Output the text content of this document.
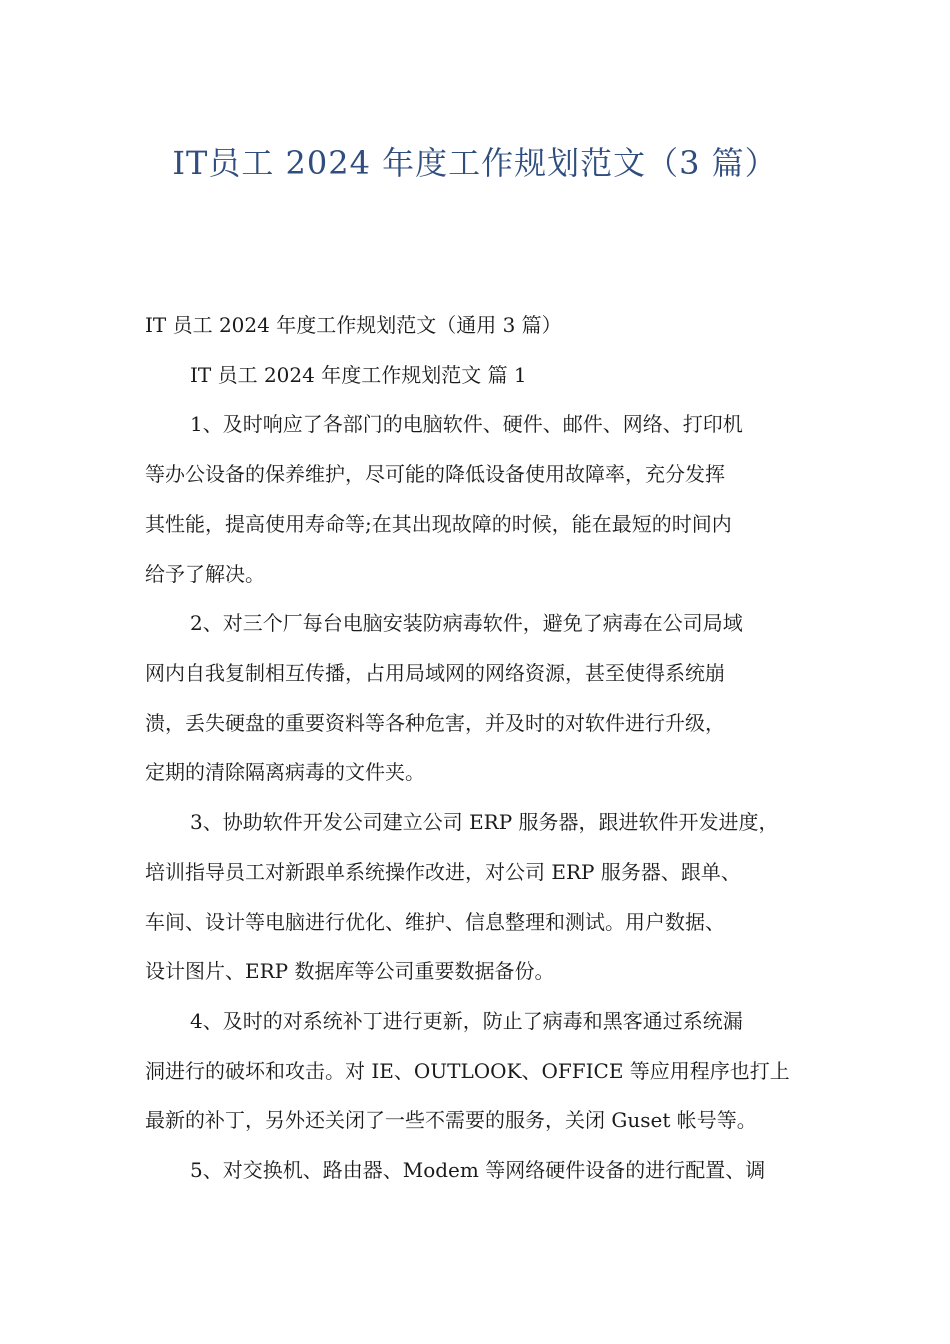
IT员工 2024 年度工作规划范文（3 篇）
IT 员工 2024 年度工作规划范文（通用 3 篇）
IT 员工 2024 年度工作规划范文 篇 1
1、及时响应了各部门的电脑软件、硬件、邮件、网络、打印机
等办公设备的保养维护，尽可能的降低设备使用故障率，充分发挥
其性能，提高使用寿命等;在其出现故障的时候，能在最短的时间内
给予了解决。
2、对三个厂每台电脑安装防病毒软件，避免了病毒在公司局域
网内自我复制相互传播，占用局域网的网络资源，甚至使得系统崩
溃，丢失硬盘的重要资料等各种危害，并及时的对软件进行升级，
定期的清除隔离病毒的文件夹。
3、协助软件开发公司建立公司 ERP 服务器，跟进软件开发进度，
培训指导员工对新跟单系统操作改进，对公司 ERP 服务器、跟单、
车间、设计等电脑进行优化、维护、信息整理和测试。用户数据、
设计图片、ERP 数据库等公司重要数据备份。
4、及时的对系统补丁进行更新，防止了病毒和黑客通过系统漏
洞进行的破坏和攻击。对 IE、OUTLOOK、OFFICE 等应用程序也打上
最新的补丁，另外还关闭了一些不需要的服务，关闭 Guset 帐号等。
5、对交换机、路由器、Modem 等网络硬件设备的进行配置、调
